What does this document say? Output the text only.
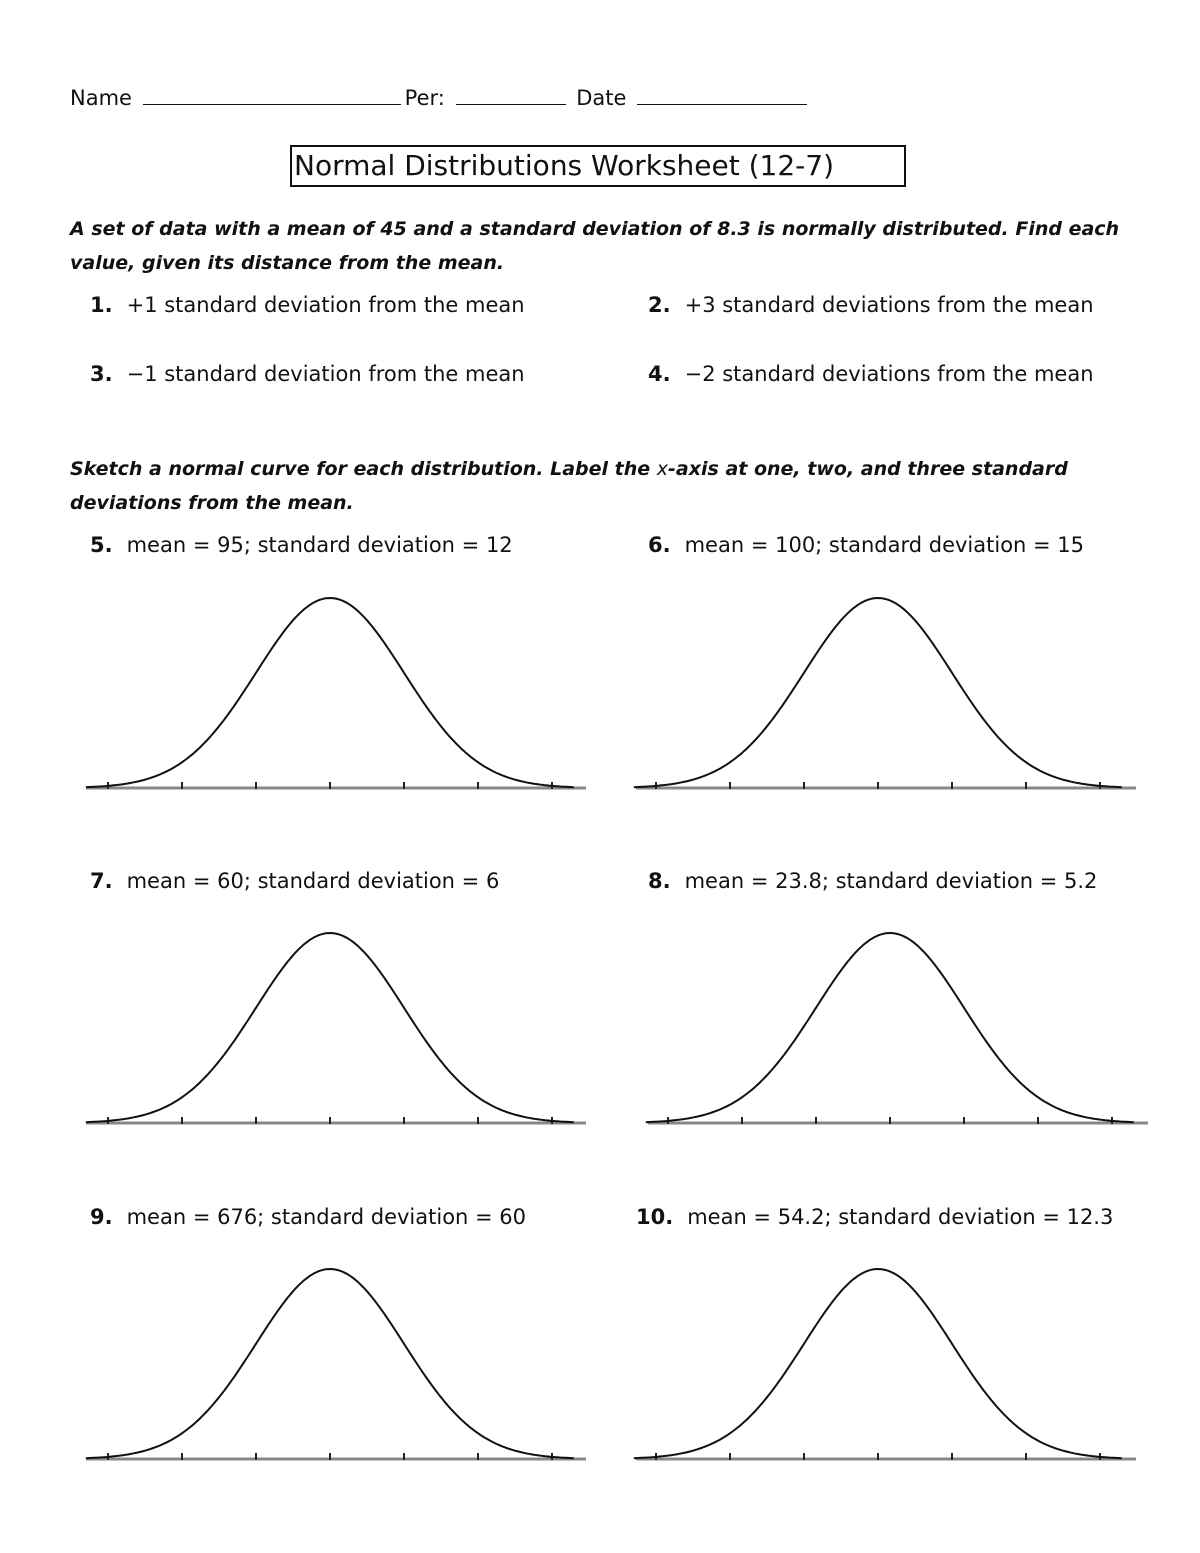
Name	Per:	Date
Normal Distributions Worksheet (12-7)
A set of data with a mean of 45 and a standard deviation of 8.3 is normally distributed. Find each value, given its distance from the mean.
1. +1 standard deviation from the mean	2. +3 standard deviations from the mean
3. −1 standard deviation from the mean	4. −2 standard deviations from the mean
Sketch a normal curve for each distribution. Label the x-axis at one, two, and three standard deviations from the mean.
5. mean = 95; standard deviation = 12	6. mean = 100; standard deviation = 15
7. mean = 60; standard deviation = 6	8. mean = 23.8; standard deviation = 5.2
9. mean = 676; standard deviation = 60	10. mean = 54.2; standard deviation = 12.3
